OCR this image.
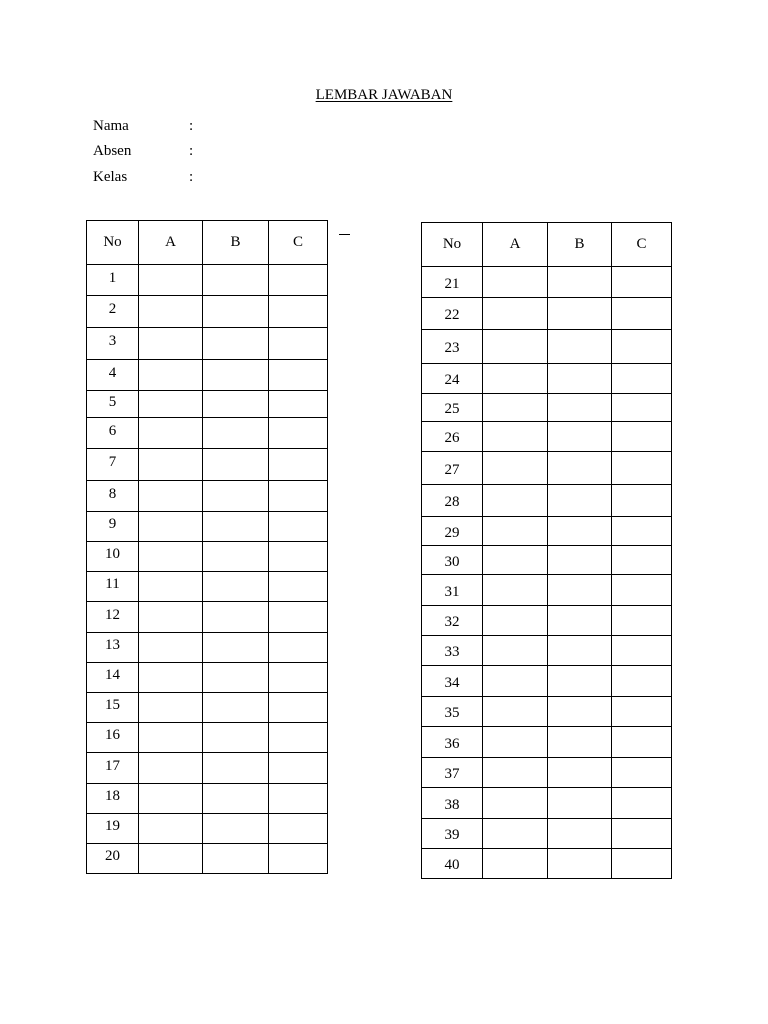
LEMBAR JAWABAN
Nama	:
Absen	:
Kelas	:
No	A	B	C
1			
2			
3			
4			
5			
6			
7			
8			
9			
10			
11			
12			
13			
14			
15			
16			
17			
18			
19			
20			
No	A	B	C
21			
22			
23			
24			
25			
26			
27			
28			
29			
30			
31			
32			
33			
34			
35			
36			
37			
38			
39			
40			
